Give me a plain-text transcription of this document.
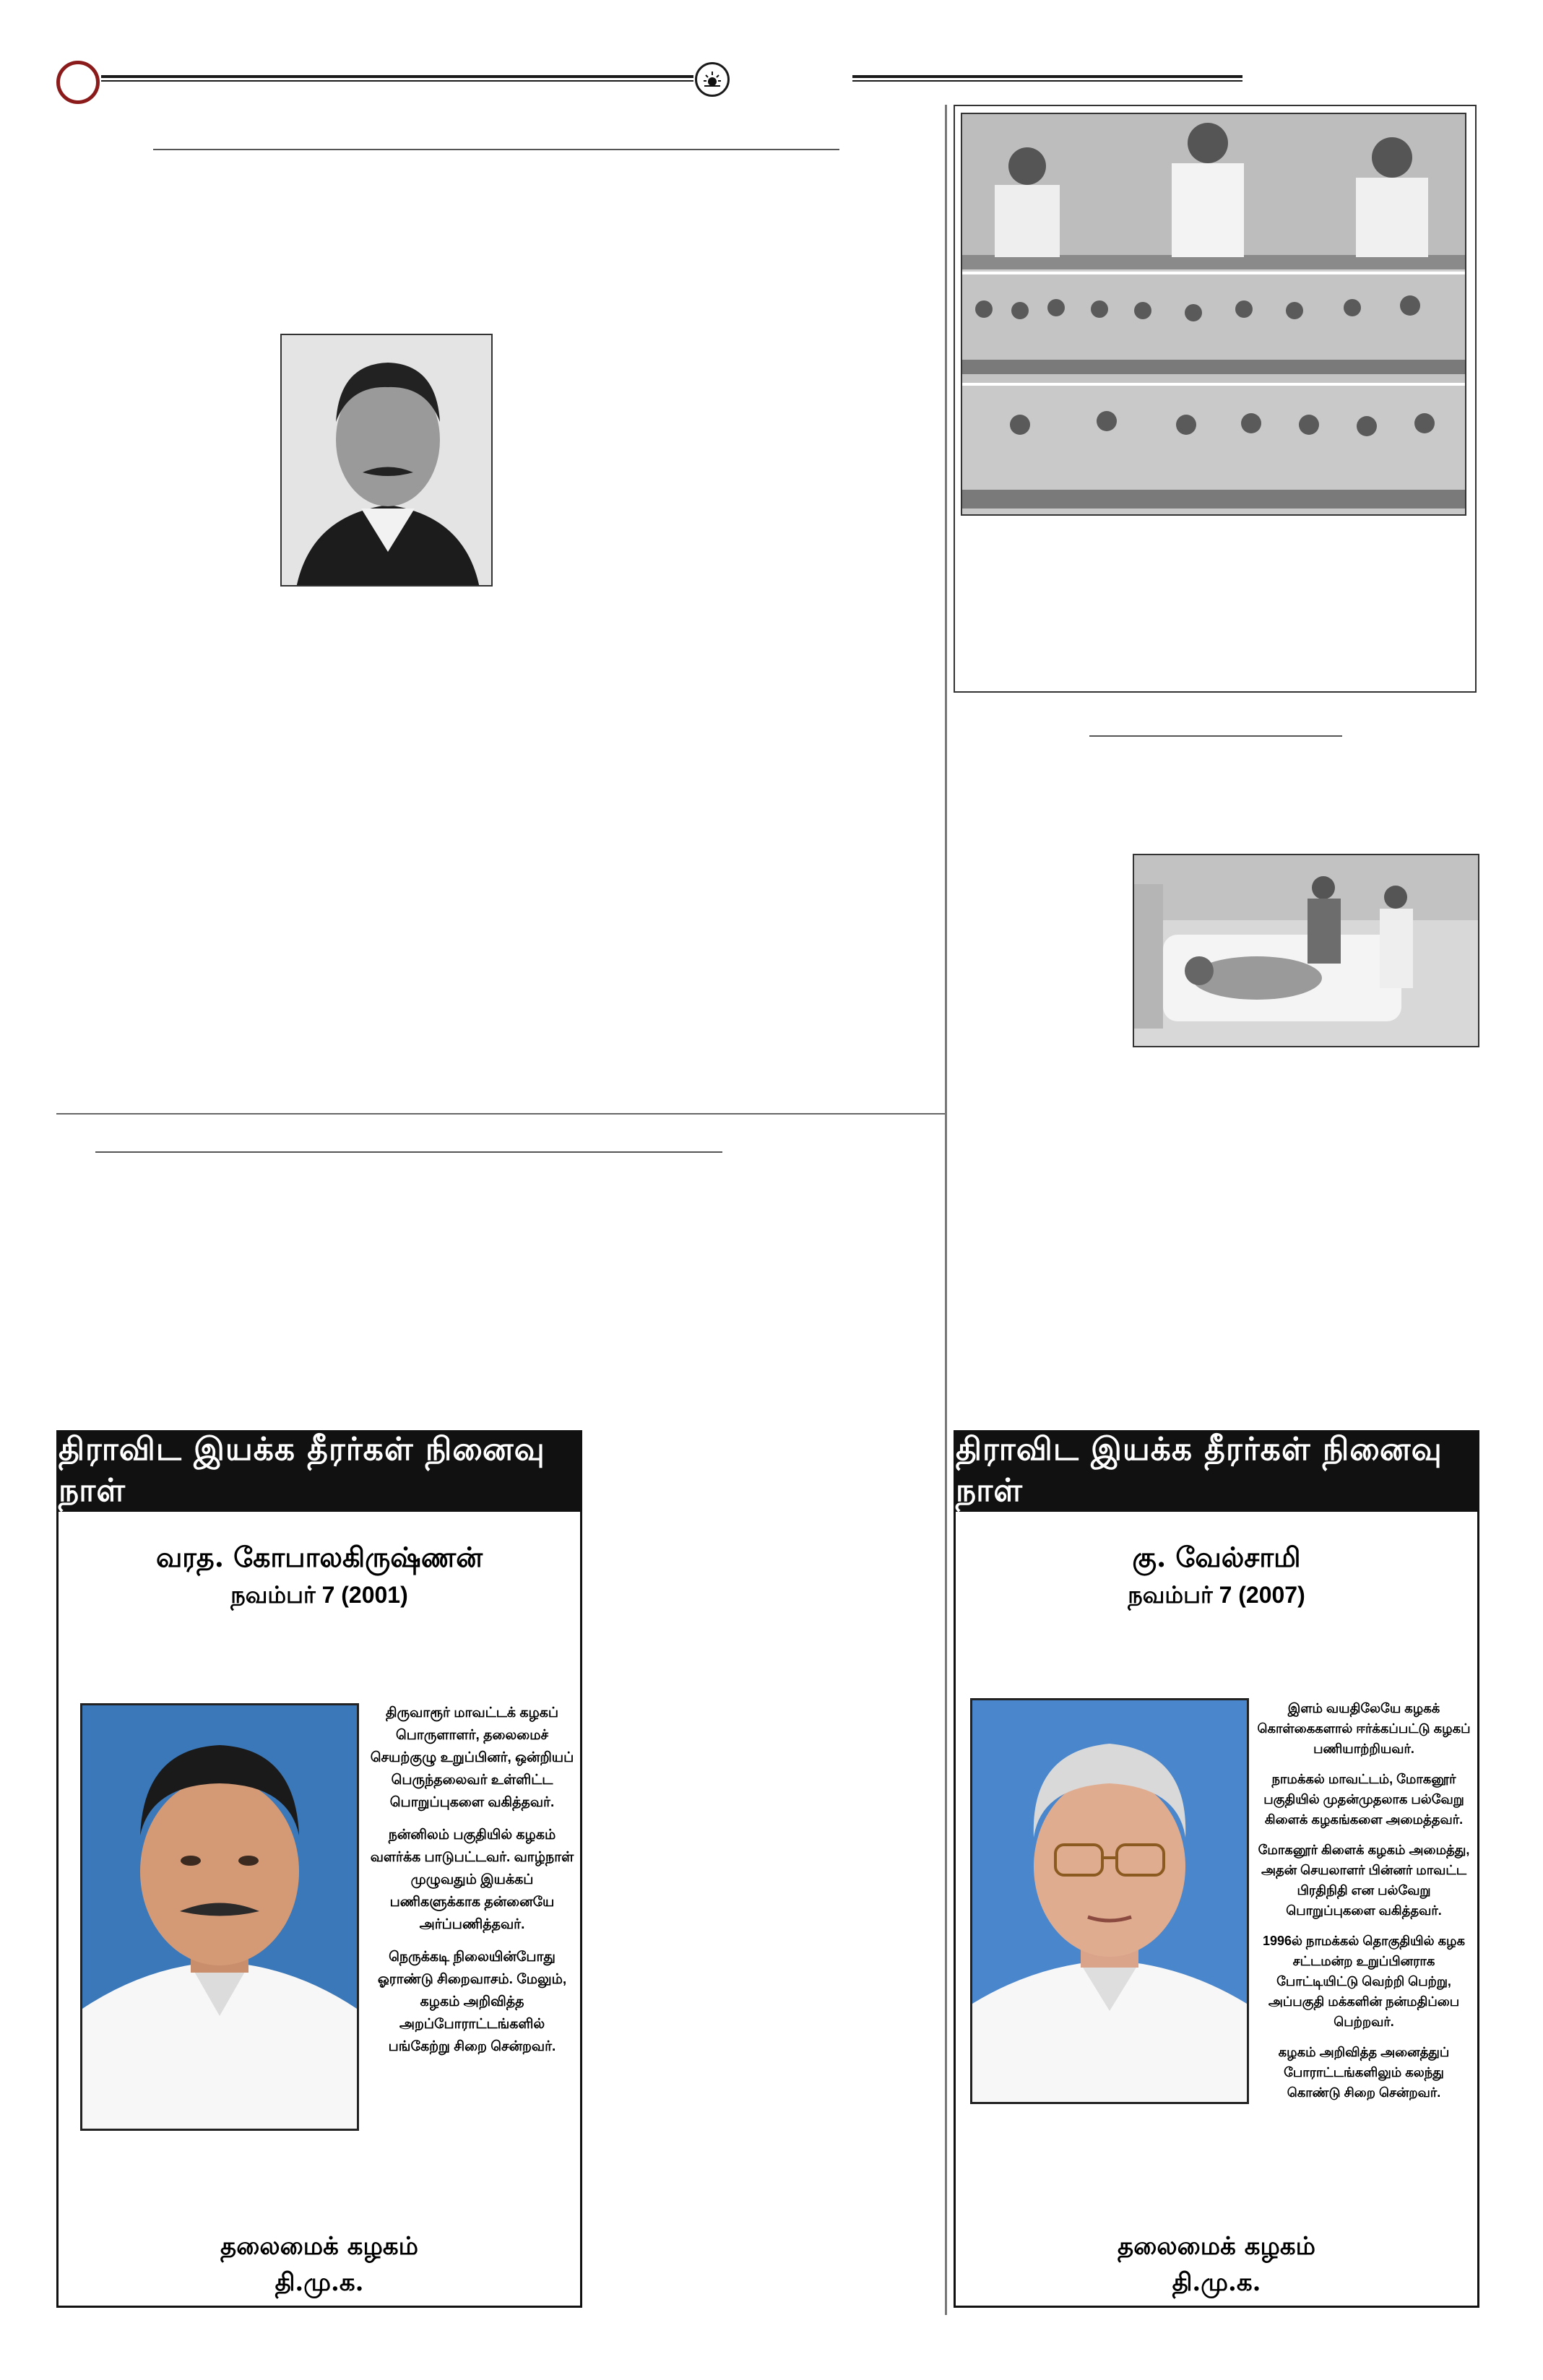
திராவிட இயக்க தீரர்கள் நினைவு நாள்
வரத. கோபாலகிருஷ்ணன்
நவம்பர் 7 (2001)

திருவாரூர் மாவட்டக் கழகப் பொருளாளர், தலைமைச் செயற்குழு உறுப்பினர், ஒன்றியப் பெருந்தலைவர் உள்ளிட்ட பொறுப்புகளை வகித்தவர்.

நன்னிலம் பகுதியில் கழகம் வளர்க்க பாடுபட்டவர். வாழ்நாள் முழுவதும் இயக்கப் பணிகளுக்காக தன்னையே அர்ப்பணித்தவர்.

நெருக்கடி நிலையின்போது ஓராண்டு சிறைவாசம். மேலும், கழகம் அறிவித்த அறப்போராட்டங்களில் பங்கேற்று சிறை சென்றவர்.

தலைமைக் கழகம்
தி.மு.க.
திராவிட இயக்க தீரர்கள் நினைவு நாள்
கு. வேல்சாமி
நவம்பர் 7 (2007)

இளம் வயதிலேயே கழகக் கொள்கைகளால் ஈர்க்கப்பட்டு கழகப் பணியாற்றியவர்.

நாமக்கல் மாவட்டம், மோகனூர் பகுதியில் முதன்முதலாக பல்வேறு கிளைக் கழகங்களை அமைத்தவர்.

மோகனூர் கிளைக் கழகம் அமைத்து, அதன் செயலாளர் பின்னர் மாவட்ட பிரதிநிதி என பல்வேறு பொறுப்புகளை வகித்தவர்.

1996ல் நாமக்கல் தொகுதியில் கழக சட்டமன்ற உறுப்பினராக போட்டியிட்டு வெற்றி பெற்று, அப்பகுதி மக்களின் நன்மதிப்பை பெற்றவர்.

கழகம் அறிவித்த அனைத்துப் போராட்டங்களிலும் கலந்து கொண்டு சிறை சென்றவர்.

தலைமைக் கழகம்
தி.மு.க.
